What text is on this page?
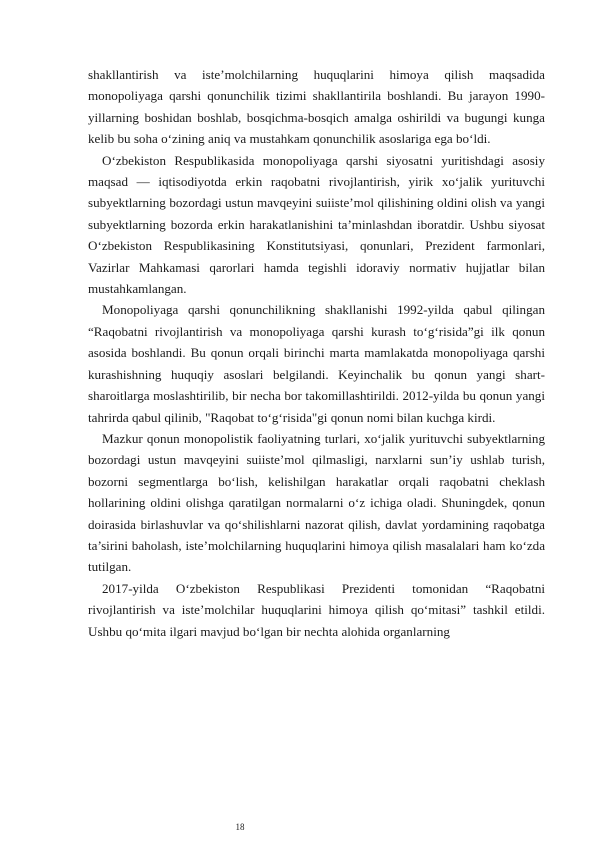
shakllantirish va iste’molchilarning huquqlarini himoya qilish maqsadida monopoliyaga qarshi qonunchilik tizimi shakllantirila boshlandi. Bu jarayon 1990-yillarning boshidan boshlab, bosqichma-bosqich amalga oshirildi va bugungi kunga kelib bu soha o‘zining aniq va mustahkam qonunchilik asoslariga ega bo‘ldi.

O‘zbekiston Respublikasida monopoliyaga qarshi siyosatni yuritishdagi asosiy maqsad — iqtisodiyotda erkin raqobatni rivojlantirish, yirik xo‘jalik yurituvchi subyektlarning bozordagi ustun mavqeyini suiiste’mol qilishining oldini olish va yangi subyektlarning bozorda erkin harakatlanishini ta’minlashdan iboratdir. Ushbu siyosat O‘zbekiston Respublikasining Konstitutsiyasi, qonunlari, Prezident farmonlari, Vazirlar Mahkamasi qarorlari hamda tegishli idoraviy normativ hujjatlar bilan mustahkamlangan.

Monopoliyaga qarshi qonunchilikning shakllanishi 1992-yilda qabul qilingan “Raqobatni rivojlantirish va monopoliyaga qarshi kurash to‘g‘risida”gi ilk qonun asosida boshlandi. Bu qonun orqali birinchi marta mamlakatda monopoliyaga qarshi kurashishning huquqiy asoslari belgilandi. Keyinchalik bu qonun yangi shart-sharoitlarga moslashtirilib, bir necha bor takomillashtirildi. 2012-yilda bu qonun yangi tahrirda qabul qilinib, "Raqobat to‘g‘risida"gi qonun nomi bilan kuchga kirdi.

Mazkur qonun monopolistik faoliyatning turlari, xo‘jalik yurituvchi subyektlarning bozordagi ustun mavqeyini suiiste’mol qilmasligi, narxlarni sun’iy ushlab turish, bozorni segmentlarga bo‘lish, kelishilgan harakatlar orqali raqobatni cheklash hollarining oldini olishga qaratilgan normalarni o‘z ichiga oladi. Shuningdek, qonun doirasida birlashuvlar va qo‘shilishlarni nazorat qilish, davlat yordamining raqobatga ta’sirini baholash, iste’molchilarning huquqlarini himoya qilish masalalari ham ko‘zda tutilgan.

2017-yilda O‘zbekiston Respublikasi Prezidenti tomonidan “Raqobatni rivojlantirish va iste’molchilar huquqlarini himoya qilish qo‘mitasi” tashkil etildi. Ushbu qo‘mita ilgari mavjud bo‘lgan bir nechta alohida organlarning

18
